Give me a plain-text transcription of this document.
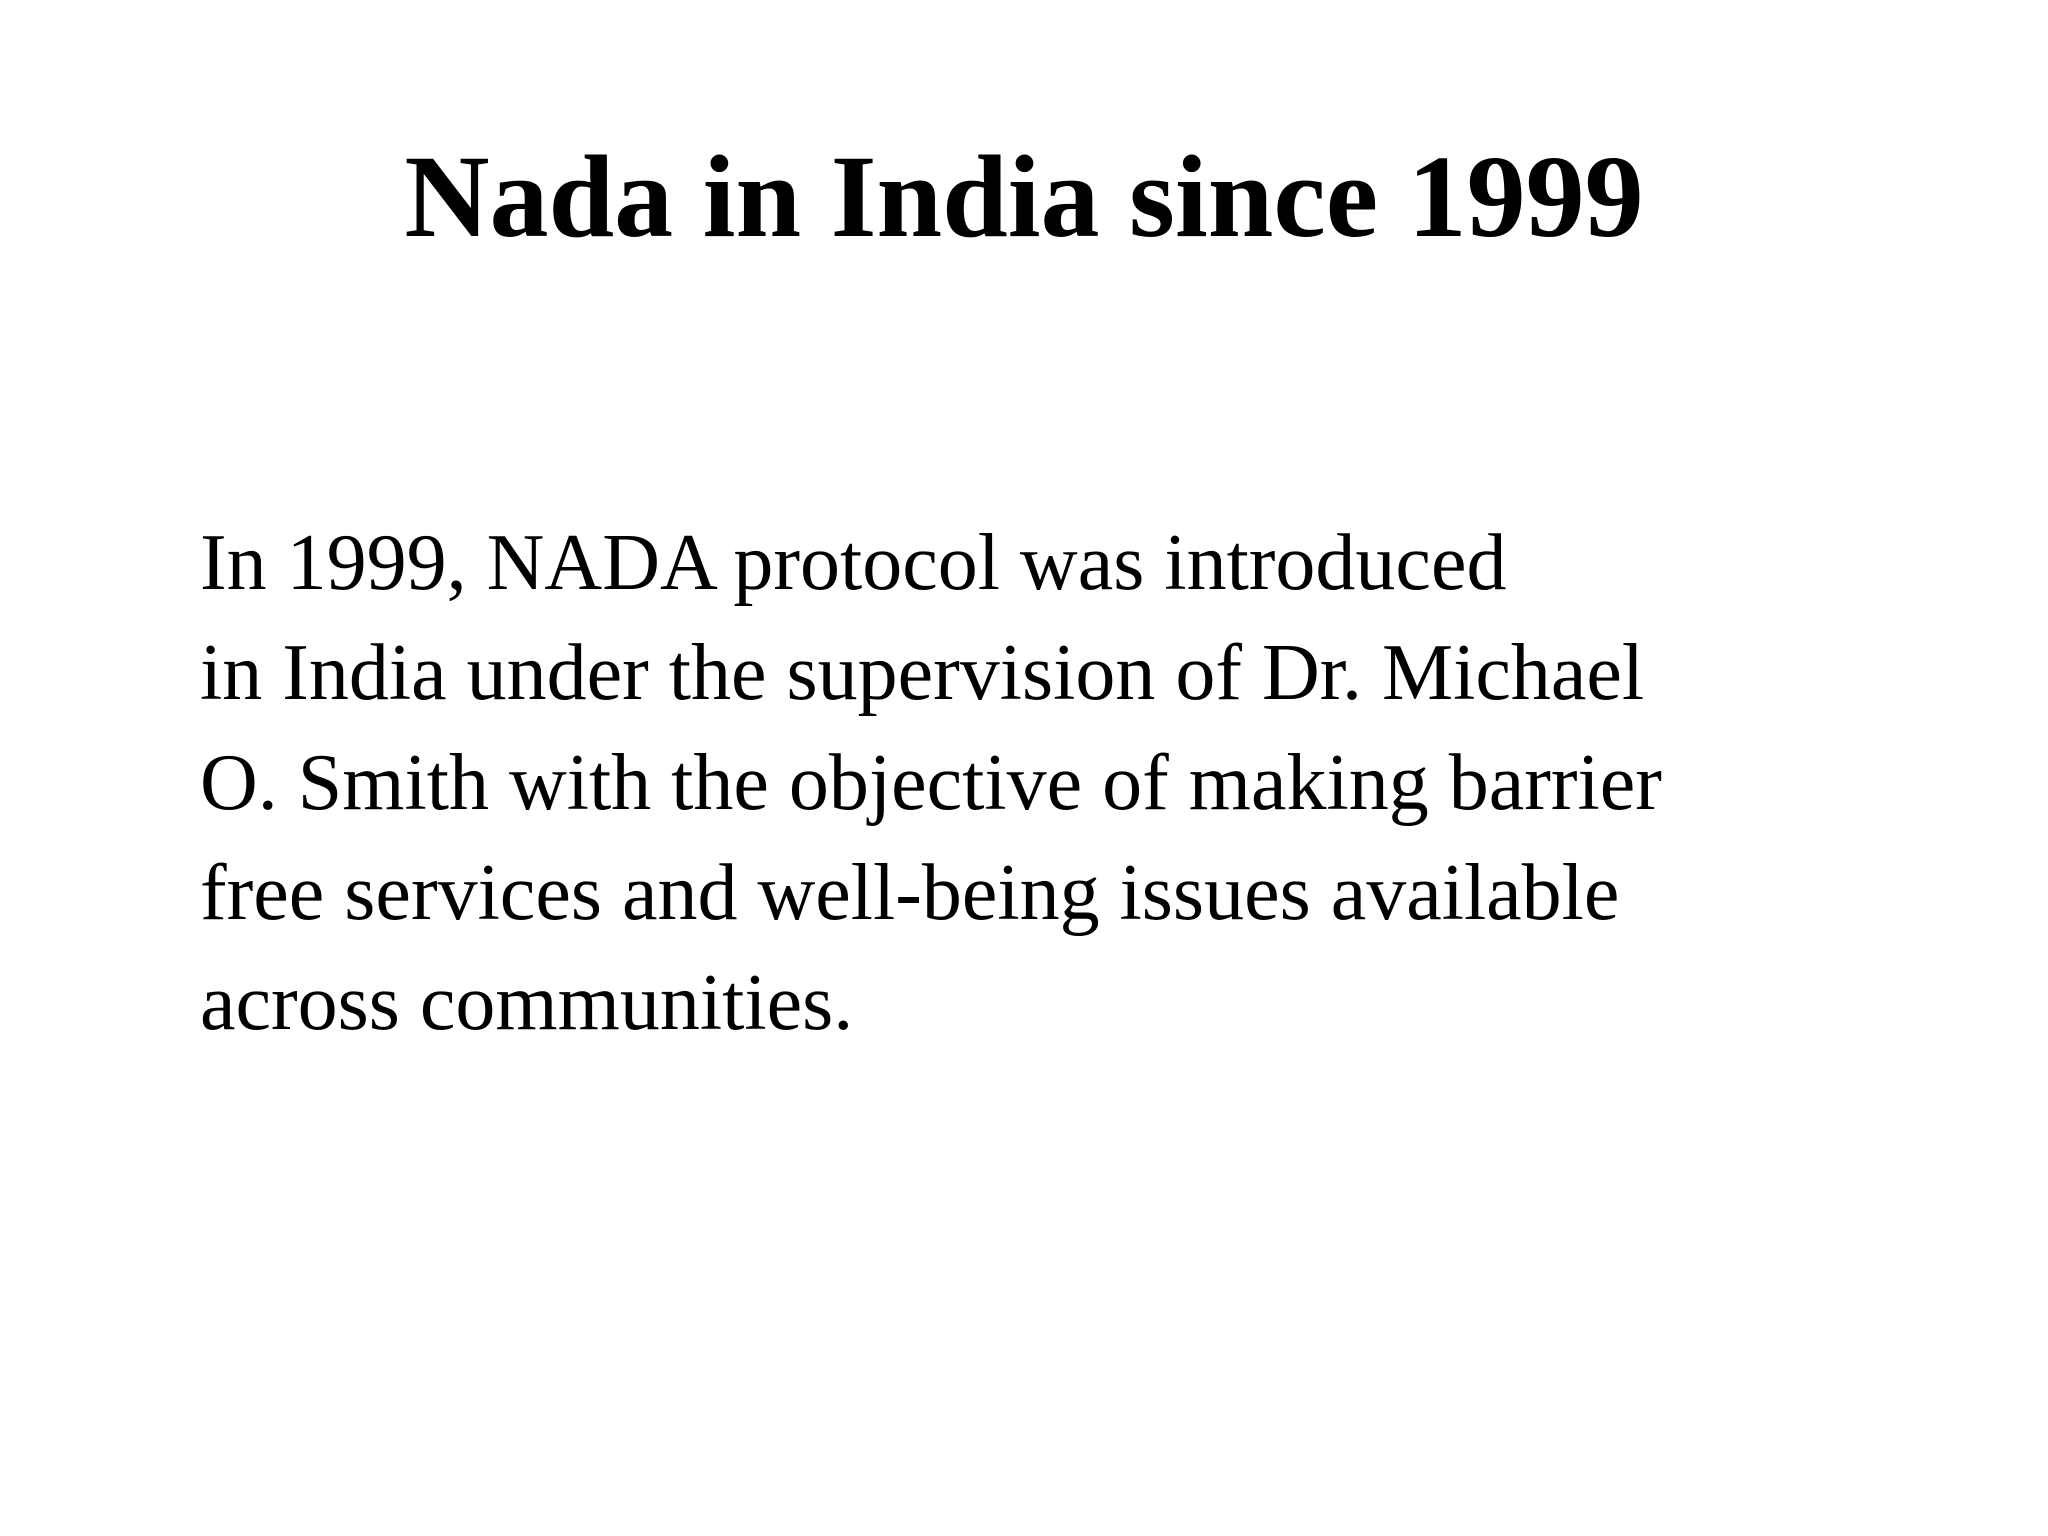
Nada in India since 1999
In 1999, NADA protocol was introduced
in India under the supervision of Dr. Michael
O. Smith with the objective of making barrier
free services and well-being issues available
across communities.
